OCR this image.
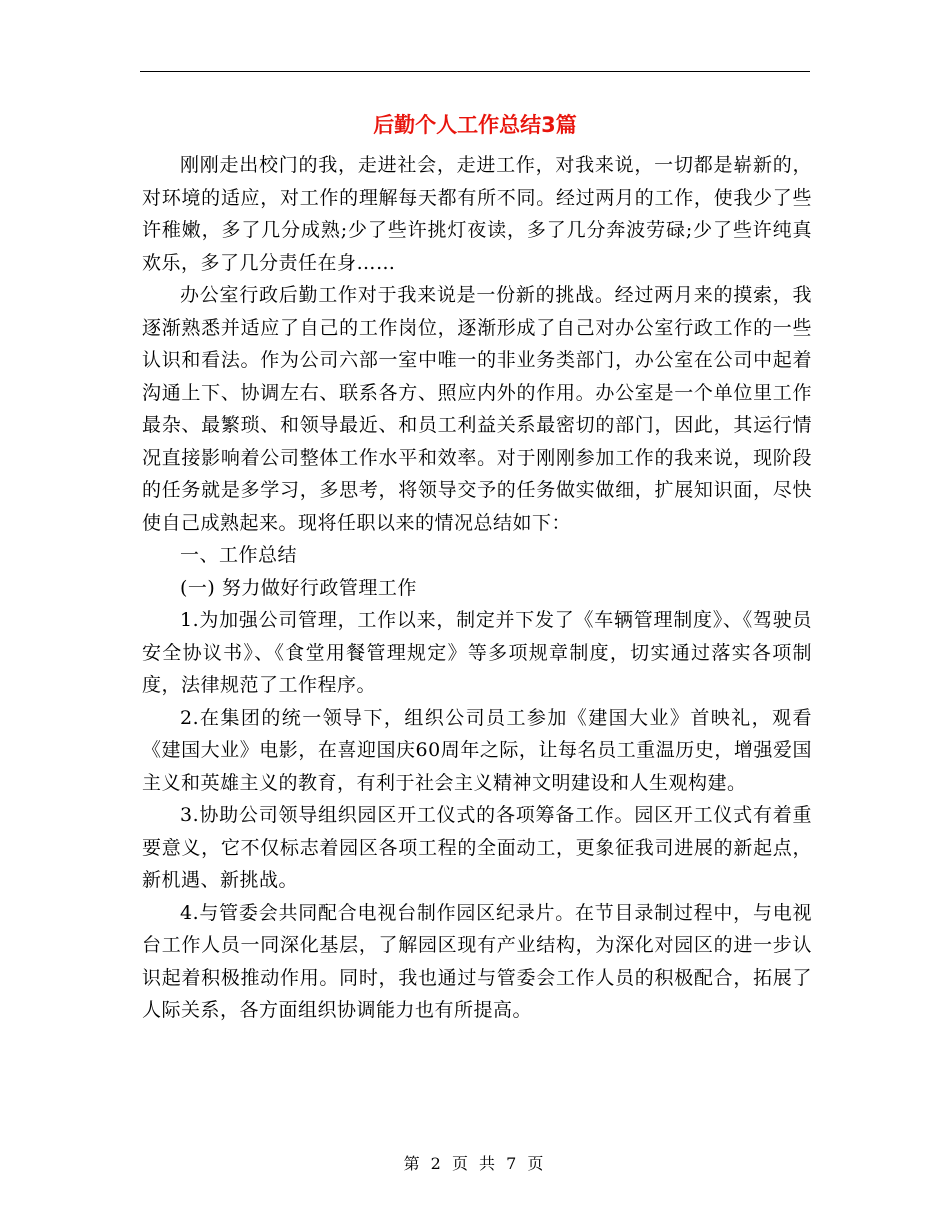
后勤个人工作总结3篇

刚刚走出校门的我，走进社会，走进工作，对我来说，一切都是崭新的，对环境的适应，对工作的理解每天都有所不同。经过两月的工作，使我少了些许稚嫩，多了几分成熟;少了些许挑灯夜读，多了几分奔波劳碌;少了些许纯真欢乐，多了几分责任在身……

办公室行政后勤工作对于我来说是一份新的挑战。经过两月来的摸索，我逐渐熟悉并适应了自己的工作岗位，逐渐形成了自己对办公室行政工作的一些认识和看法。作为公司六部一室中唯一的非业务类部门，办公室在公司中起着沟通上下、协调左右、联系各方、照应内外的作用。办公室是一个单位里工作最杂、最繁琐、和领导最近、和员工利益关系最密切的部门，因此，其运行情况直接影响着公司整体工作水平和效率。对于刚刚参加工作的我来说，现阶段的任务就是多学习，多思考，将领导交予的任务做实做细，扩展知识面，尽快使自己成熟起来。现将任职以来的情况总结如下：

一、工作总结

(一) 努力做好行政管理工作

1.为加强公司管理，工作以来，制定并下发了《车辆管理制度》、《驾驶员安全协议书》、《食堂用餐管理规定》等多项规章制度，切实通过落实各项制度，法律规范了工作程序。

2.在集团的统一领导下，组织公司员工参加《建国大业》首映礼，观看《建国大业》电影，在喜迎国庆60周年之际，让每名员工重温历史，增强爱国主义和英雄主义的教育，有利于社会主义精神文明建设和人生观构建。

3.协助公司领导组织园区开工仪式的各项筹备工作。园区开工仪式有着重要意义，它不仅标志着园区各项工程的全面动工，更象征我司进展的新起点，新机遇、新挑战。

4.与管委会共同配合电视台制作园区纪录片。在节目录制过程中，与电视台工作人员一同深化基层，了解园区现有产业结构，为深化对园区的进一步认识起着积极推动作用。同时，我也通过与管委会工作人员的积极配合，拓展了人际关系，各方面组织协调能力也有所提高。

第 2 页 共 7 页
